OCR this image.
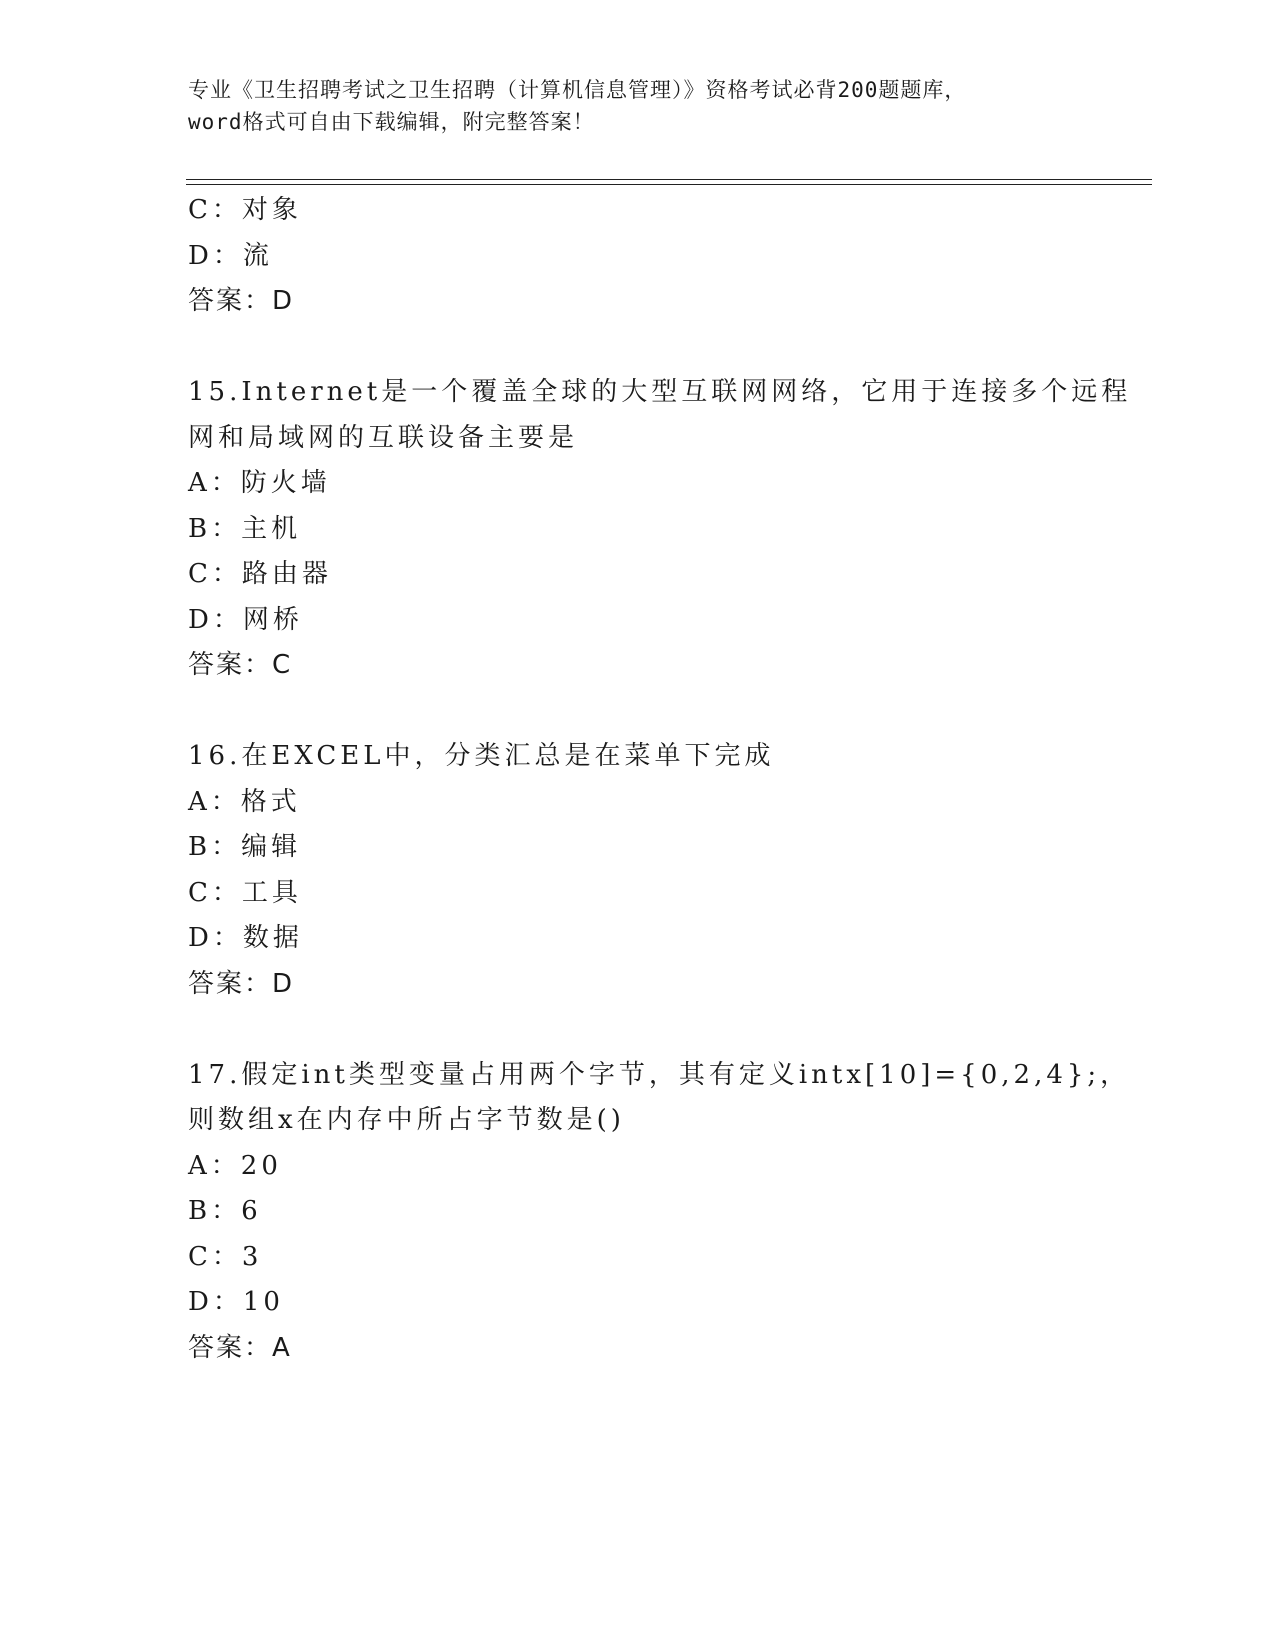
专业《卫生招聘考试之卫生招聘（计算机信息管理）》资格考试必背200题题库，
word格式可自由下载编辑，附完整答案！
C：对象
D：流
答案：D
15.Internet是一个覆盖全球的大型互联网网络，它用于连接多个远程
网和局域网的互联设备主要是
A：防火墙
B：主机
C：路由器
D：网桥
答案：C
16.在EXCEL中，分类汇总是在菜单下完成
A：格式
B：编辑
C：工具
D：数据
答案：D
17.假定int类型变量占用两个字节，其有定义intx[10]={0,2,4};，
则数组x在内存中所占字节数是()
A：20
B：6
C：3
D：10
答案：A
